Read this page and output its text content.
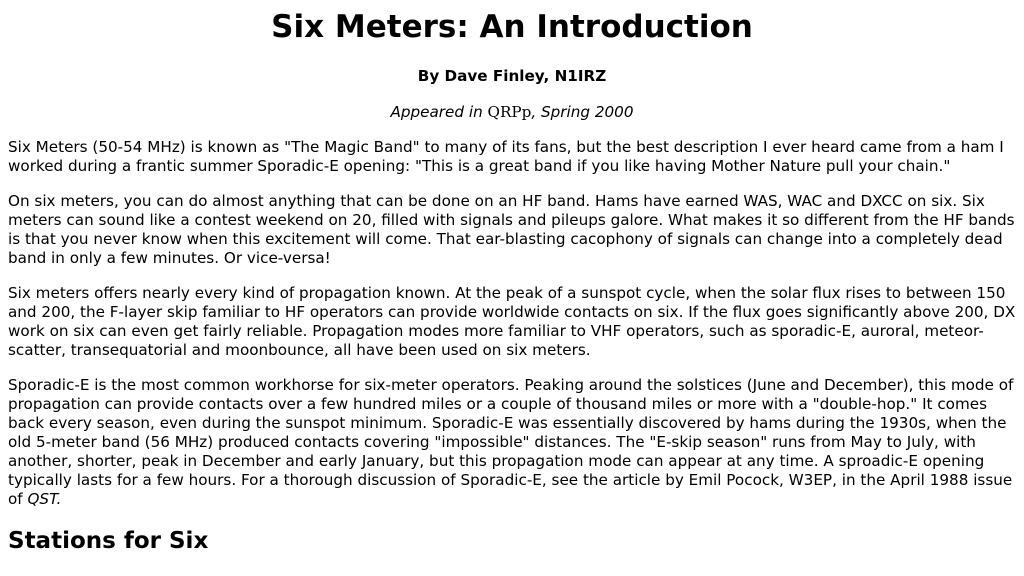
Six Meters: An Introduction
By Dave Finley, N1IRZ
Appeared in QRPp, Spring 2000

Six Meters (50-54 MHz) is known as "The Magic Band" to many of its fans, but the best description I ever heard came from a ham I worked during a frantic summer Sporadic-E opening: "This is a great band if you like having Mother Nature pull your chain."

On six meters, you can do almost anything that can be done on an HF band. Hams have earned WAS, WAC and DXCC on six. Six meters can sound like a contest weekend on 20, filled with signals and pileups galore. What makes it so different from the HF bands is that you never know when this excitement will come. That ear-blasting cacophony of signals can change into a completely dead band in only a few minutes. Or vice-versa!

Six meters offers nearly every kind of propagation known. At the peak of a sunspot cycle, when the solar flux rises to between 150 and 200, the F-layer skip familiar to HF operators can provide worldwide contacts on six. If the flux goes significantly above 200, DX work on six can even get fairly reliable. Propagation modes more familiar to VHF operators, such as sporadic-E, auroral, meteor-scatter, transequatorial and moonbounce, all have been used on six meters.

Sporadic-E is the most common workhorse for six-meter operators. Peaking around the solstices (June and December), this mode of propagation can provide contacts over a few hundred miles or a couple of thousand miles or more with a "double-hop." It comes back every season, even during the sunspot minimum. Sporadic-E was essentially discovered by hams during the 1930s, when the old 5-meter band (56 MHz) produced contacts covering "impossible" distances. The "E-skip season" runs from May to July, with another, shorter, peak in December and early January, but this propagation mode can appear at any time. A sproadic-E opening typically lasts for a few hours. For a thorough discussion of Sporadic-E, see the article by Emil Pocock, W3EP, in the April 1988 issue of QST.

Stations for Six
